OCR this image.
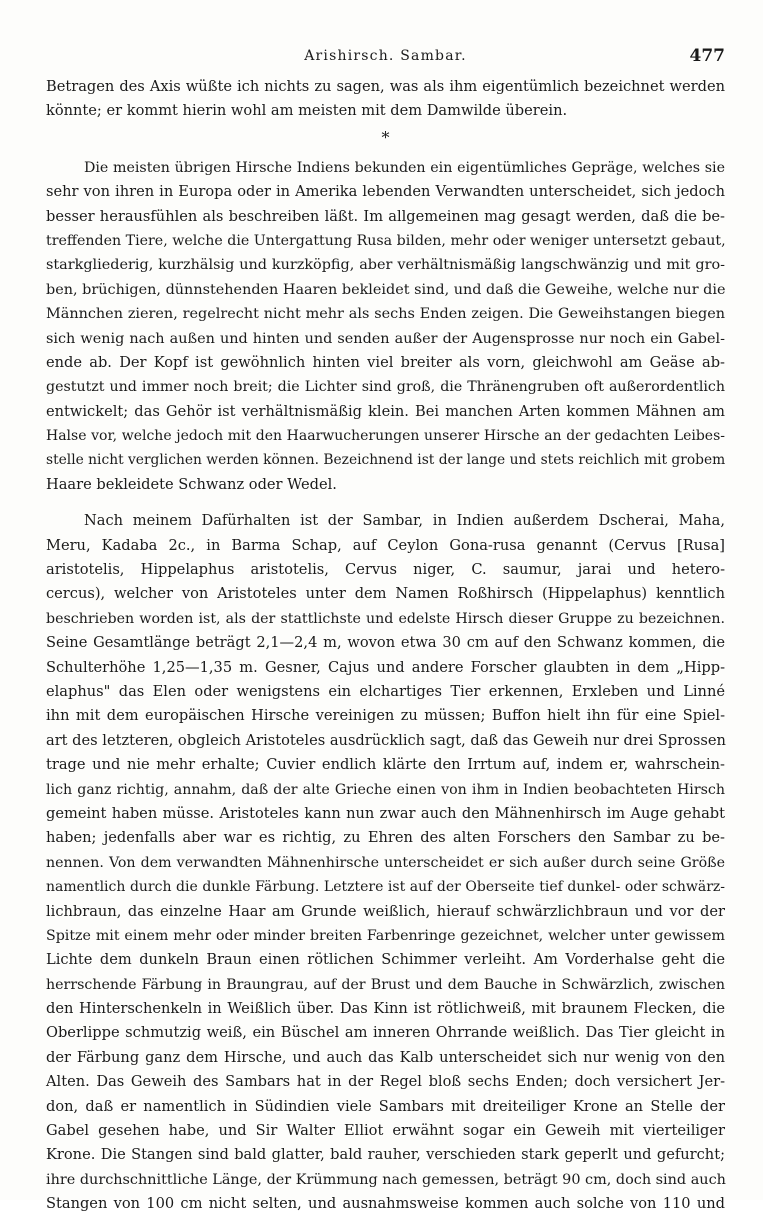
Arishirsch. Sambar.	477
Betragen des Axis wüßte ich nichts zu sagen, was als ihm eigentümlich bezeichnet werden
könnte; er kommt hierin wohl am meisten mit dem Damwilde überein.
*
Die meisten übrigen Hirsche Indiens bekunden ein eigentümliches Gepräge, welches sie
sehr von ihren in Europa oder in Amerika lebenden Verwandten unterscheidet, sich jedoch
besser herausfühlen als beschreiben läßt. Im allgemeinen mag gesagt werden, daß die be-
treffenden Tiere, welche die Untergattung Rusa bilden, mehr oder weniger untersetzt gebaut,
starkgliederig, kurzhälsig und kurzköpfig, aber verhältnismäßig langschwänzig und mit gro-
ben, brüchigen, dünnstehenden Haaren bekleidet sind, und daß die Geweihe, welche nur die
Männchen zieren, regelrecht nicht mehr als sechs Enden zeigen. Die Geweihstangen biegen
sich wenig nach außen und hinten und senden außer der Augensprosse nur noch ein Gabel-
ende ab. Der Kopf ist gewöhnlich hinten viel breiter als vorn, gleichwohl am Geäse ab-
gestutzt und immer noch breit; die Lichter sind groß, die Thränengruben oft außerordentlich
entwickelt; das Gehör ist verhältnismäßig klein. Bei manchen Arten kommen Mähnen am
Halse vor, welche jedoch mit den Haarwucherungen unserer Hirsche an der gedachten Leibes-
stelle nicht verglichen werden können. Bezeichnend ist der lange und stets reichlich mit grobem
Haare bekleidete Schwanz oder Wedel.
Nach meinem Dafürhalten ist der Sambar, in Indien außerdem Dscherai, Maha,
Meru, Kadaba 2c., in Barma Schap, auf Ceylon Gona-rusa genannt (Cervus [Rusa]
aristotelis, Hippelaphus aristotelis, Cervus niger, C. saumur, jarai und hetero-
cercus), welcher von Aristoteles unter dem Namen Roßhirsch (Hippelaphus) kenntlich
beschrieben worden ist, als der stattlichste und edelste Hirsch dieser Gruppe zu bezeichnen.
Seine Gesamtlänge beträgt 2,1—2,4 m, wovon etwa 30 cm auf den Schwanz kommen, die
Schulterhöhe 1,25—1,35 m. Gesner, Cajus und andere Forscher glaubten in dem „Hipp-
elaphus" das Elen oder wenigstens ein elchartiges Tier erkennen, Erxleben und Linné
ihn mit dem europäischen Hirsche vereinigen zu müssen; Buffon hielt ihn für eine Spiel-
art des letzteren, obgleich Aristoteles ausdrücklich sagt, daß das Geweih nur drei Sprossen
trage und nie mehr erhalte; Cuvier endlich klärte den Irrtum auf, indem er, wahrschein-
lich ganz richtig, annahm, daß der alte Grieche einen von ihm in Indien beobachteten Hirsch
gemeint haben müsse. Aristoteles kann nun zwar auch den Mähnenhirsch im Auge gehabt
haben; jedenfalls aber war es richtig, zu Ehren des alten Forschers den Sambar zu be-
nennen. Von dem verwandten Mähnenhirsche unterscheidet er sich außer durch seine Größe
namentlich durch die dunkle Färbung. Letztere ist auf der Oberseite tief dunkel- oder schwärz-
lichbraun, das einzelne Haar am Grunde weißlich, hierauf schwärzlichbraun und vor der
Spitze mit einem mehr oder minder breiten Farbenringe gezeichnet, welcher unter gewissem
Lichte dem dunkeln Braun einen rötlichen Schimmer verleiht. Am Vorderhalse geht die
herrschende Färbung in Braungrau, auf der Brust und dem Bauche in Schwärzlich, zwischen
den Hinterschenkeln in Weißlich über. Das Kinn ist rötlichweiß, mit braunem Flecken, die
Oberlippe schmutzig weiß, ein Büschel am inneren Ohrrande weißlich. Das Tier gleicht in
der Färbung ganz dem Hirsche, und auch das Kalb unterscheidet sich nur wenig von den
Alten. Das Geweih des Sambars hat in der Regel bloß sechs Enden; doch versichert Jer-
don, daß er namentlich in Südindien viele Sambars mit dreiteiliger Krone an Stelle der
Gabel gesehen habe, und Sir Walter Elliot erwähnt sogar ein Geweih mit vierteiliger
Krone. Die Stangen sind bald glatter, bald rauher, verschieden stark geperlt und gefurcht;
ihre durchschnittliche Länge, der Krümmung nach gemessen, beträgt 90 cm, doch sind auch
Stangen von 100 cm nicht selten, und ausnahmsweise kommen auch solche von 110 und
